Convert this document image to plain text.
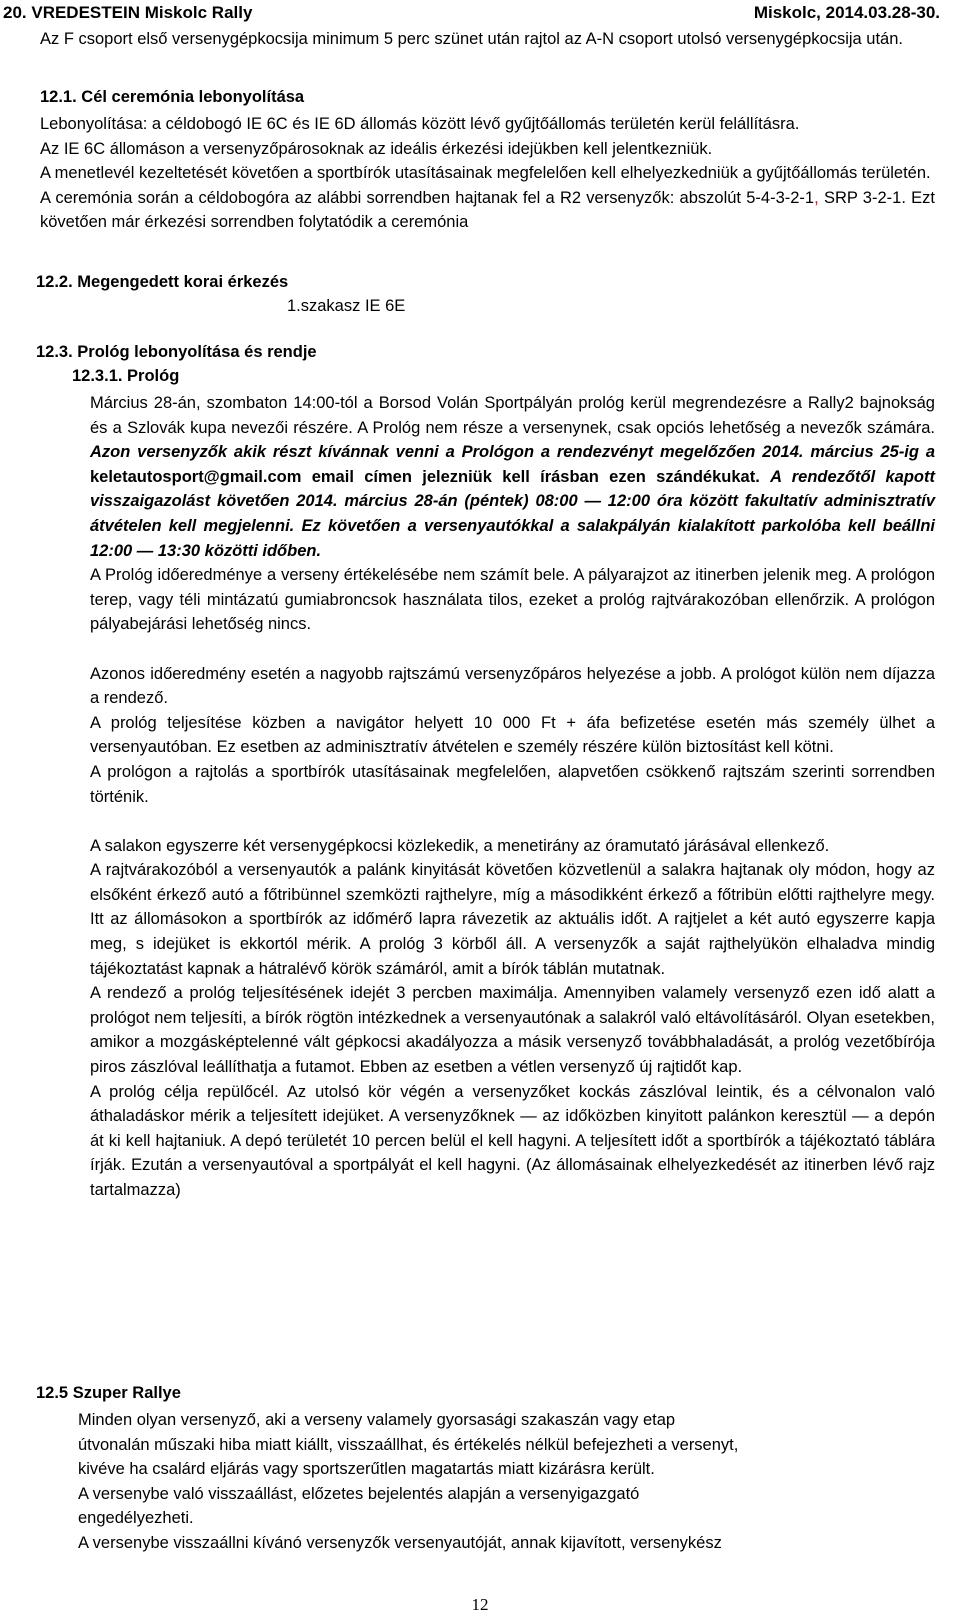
20. VREDESTEIN Miskolc Rally	Miskolc, 2014.03.28-30.

Az F csoport első versenygépkocsija minimum 5 perc szünet után rajtol az A-N csoport utolsó versenygépkocsija után.

12.1. Cél ceremónia lebonyolítása

Lebonyolítása: a céldobogó IE 6C és IE 6D állomás között lévő gyűjtőállomás területén kerül felállításra.

Az IE 6C állomáson a versenyzőpárosoknak az ideális érkezési idejükben kell jelentkezniük.

A menetlevél kezeltetését követően a sportbírók utasításainak megfelelően kell elhelyezkedniük a gyűjtőállomás területén.

A ceremónia során a céldobogóra az alábbi sorrendben hajtanak fel a R2 versenyzők: abszolút 5-4-3-2-1, SRP 3-2-1. Ezt követően már érkezési sorrendben folytatódik a ceremónia

12.2. Megengedett korai érkezés
1.szakasz IE 6E
12.3. Prológ lebonyolítása és rendje
12.3.1. Prológ

Március 28-án, szombaton 14:00-tól a Borsod Volán Sportpályán prológ kerül megrendezésre a Rally2 bajnokság és a Szlovák kupa nevezői részére. A Prológ nem része a versenynek, csak opciós lehetőség a nevezők számára. Azon versenyzők akik részt kívánnak venni a Prológon a rendezvényt megelőzően 2014. március 25-ig a keletautosport@gmail.com email címen jelezniük kell írásban ezen szándékukat. A rendezőtől kapott visszaigazolást követően 2014. március 28-án (péntek) 08:00 — 12:00 óra között fakultatív adminisztratív átvételen kell megjelenni. Ez követően a versenyautókkal a salakpályán kialakított parkolóba kell beállni 12:00 — 13:30 közötti időben.

A Prológ időeredménye a verseny értékelésébe nem számít bele. A pályarajzot az itinerben jelenik meg. A prológon terep, vagy téli mintázatú gumiabroncsok használata tilos, ezeket a prológ rajtvárakozóban ellenőrzik. A prológon pályabejárási lehetőség nincs.

Azonos időeredmény esetén a nagyobb rajtszámú versenyzőpáros helyezése a jobb. A prológot külön nem díjazza a rendező.

A prológ teljesítése közben a navigátor helyett 10 000 Ft + áfa befizetése esetén más személy ülhet a versenyautóban. Ez esetben az adminisztratív átvételen e személy részére külön biztosítást kell kötni.

A prológon a rajtolás a sportbírók utasításainak megfelelően, alapvetően csökkenő rajtszám szerinti sorrendben történik.

A salakon egyszerre két versenygépkocsi közlekedik, a menetirány az óramutató járásával ellenkező.

A rajtvárakozóból a versenyautók a palánk kinyitását követően közvetlenül a salakra hajtanak oly módon, hogy az elsőként érkező autó a főtribünnel szemközti rajthelyre, míg a másodikként érkező a főtribün előtti rajthelyre megy. Itt az állomásokon a sportbírók az időmérő lapra rávezetik az aktuális időt. A rajtjelet a két autó egyszerre kapja meg, s idejüket is ekkortól mérik. A prológ 3 körből áll. A versenyzők a saját rajthelyükön elhaladva mindig tájékoztatást kapnak a hátralévő körök számáról, amit a bírók táblán mutatnak.

A rendező a prológ teljesítésének idejét 3 percben maximálja. Amennyiben valamely versenyző ezen idő alatt a prológot nem teljesíti, a bírók rögtön intézkednek a versenyautónak a salakról való eltávolításáról. Olyan esetekben, amikor a mozgásképtelenné vált gépkocsi akadályozza a másik versenyző továbbhaladását, a prológ vezetőbírója piros zászlóval leállíthatja a futamot. Ebben az esetben a vétlen versenyző új rajtidőt kap.

A prológ célja repülőcél. Az utolsó kör végén a versenyzőket kockás zászlóval leintik, és a célvonalon való áthaladáskor mérik a teljesített idejüket. A versenyzőknek — az időközben kinyitott palánkon keresztül — a depón át ki kell hajtaniuk. A depó területét 10 percen belül el kell hagyni. A teljesített időt a sportbírók a tájékoztató táblára írják. Ezután a versenyautóval a sportpályát el kell hagyni. (Az állomásainak elhelyezkedését az itinerben lévő rajz tartalmazza)

12.5 Szuper Rallye

Minden olyan versenyző, aki a verseny valamely gyorsasági szakaszán vagy etap

útvonalán műszaki hiba miatt kiállt, visszaállhat, és értékelés nélkül befejezheti a versenyt,

kivéve ha csalárd eljárás vagy sportszerűtlen magatartás miatt kizárásra került.

A versenybe való visszaállást, előzetes bejelentés alapján a versenyigazgató

engedélyezheti.

A versenybe visszaállni kívánó versenyzők versenyautóját, annak kijavított, versenykész

12
